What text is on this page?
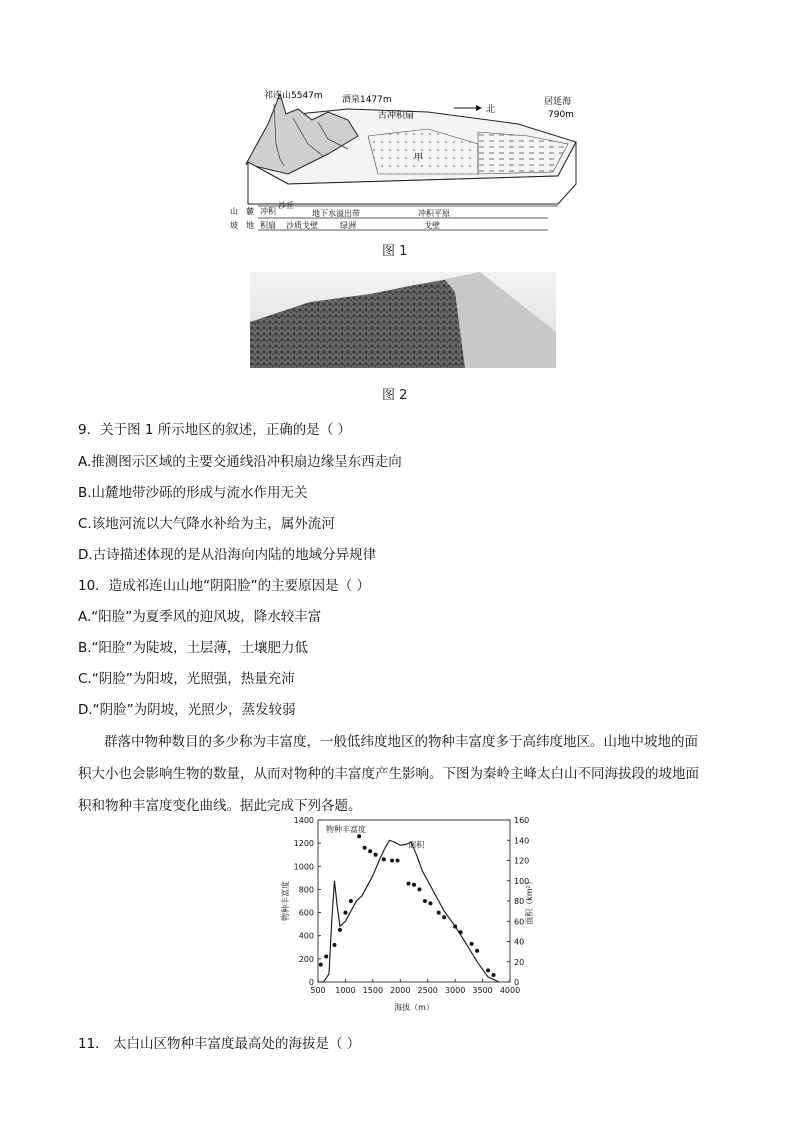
祁连山5547m 酒泉1477m
北
居延海
790m
古冲积扇
甲
山 麓 冲积
沙丘
地下水溢出带	冲积平原
坡 地 积扇 沙质戈壁	绿洲	戈壁
图 1
图 2
9．关于图 1 所示地区的叙述，正确的是（ ）
A.推测图示区域的主要交通线沿冲积扇边缘呈东西走向
B.山麓地带沙砾的形成与流水作用无关
C.该地河流以大气降水补给为主，属外流河
D.古诗描述体现的是从沿海向内陆的地域分异规律
10．造成祁连山山地“阴阳脸”的主要原因是（ ）
A.“阳脸”为夏季风的迎风坡，降水较丰富
B.“阳脸”为陡坡，土层薄，土壤肥力低
C.“阴脸”为阳坡，光照强，热量充沛
D.“阴脸”为阴坡，光照少，蒸发较弱
群落中物种数目的多少称为丰富度，一般低纬度地区的物种丰富度多于高纬度地区。山地中坡地的面
积大小也会影响生物的数量，从而对物种的丰富度产生影响。下图为秦岭主峰太白山不同海拔段的坡地面
积和物种丰富度变化曲线。据此完成下列各题。
500 1000 1500 2000 2500 3000 3500 4000
0
200
400
600
800
1000
1200
1400
0
20
40
60
80
100
120
140
160
海拔（m）
物种丰富度	面积（km²）
物种丰富度
面积
11． 太白山区物种丰富度最高处的海拔是（ ）
